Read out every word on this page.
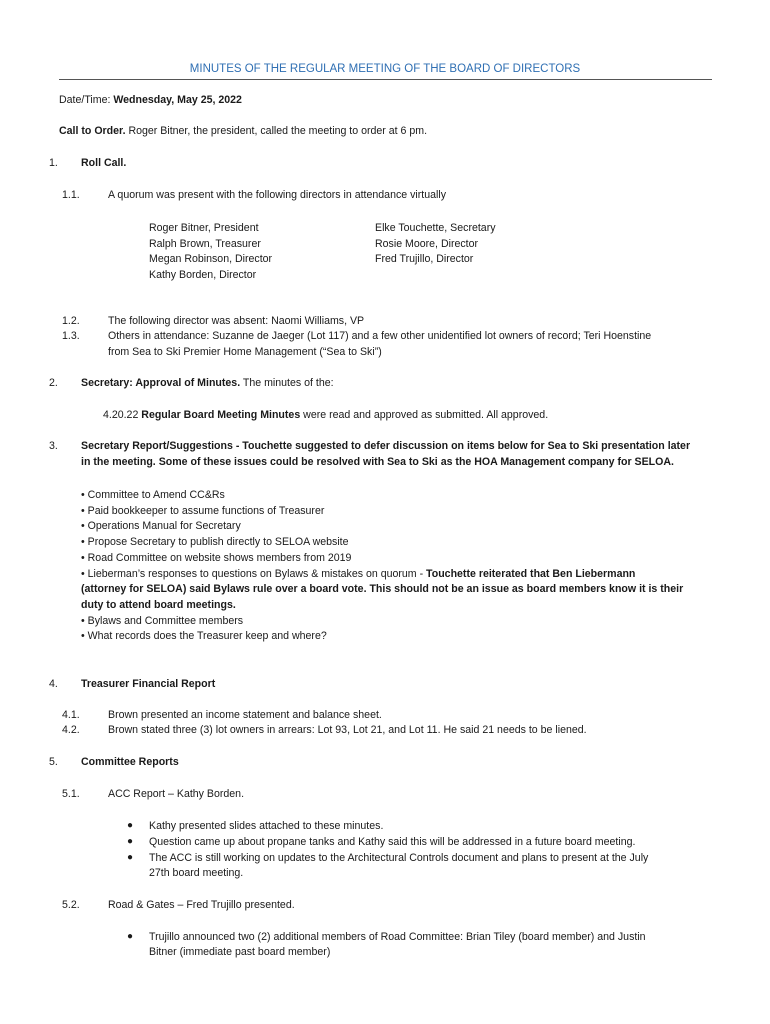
MINUTES OF THE REGULAR MEETING OF THE BOARD OF DIRECTORS
Date/Time: Wednesday, May 25, 2022
Call to Order. Roger Bitner, the president, called the meeting to order at 6 pm.
1. Roll Call.
1.1.	A quorum was present with the following directors in attendance virtually
Roger Bitner, President
Ralph Brown, Treasurer
Megan Robinson, Director
Kathy Borden, Director
Elke Touchette, Secretary
Rosie Moore, Director
Fred Trujillo, Director
1.2.	The following director was absent: Naomi Williams, VP
1.3.	Others in attendance: Suzanne de Jaeger (Lot 117) and a few other unidentified lot owners of record; Teri Hoenstine
from Sea to Ski Premier Home Management (“Sea to Ski”)
2. Secretary: Approval of Minutes. The minutes of the:
4.20.22 Regular Board Meeting Minutes were read and approved as submitted. All approved.
3. Secretary Report/Suggestions - Touchette suggested to defer discussion on items below for Sea to Ski presentation later
in the meeting. Some of these issues could be resolved with Sea to Ski as the HOA Management company for SELOA.
• Committee to Amend CC&Rs
• Paid bookkeeper to assume functions of Treasurer
• Operations Manual for Secretary
• Propose Secretary to publish directly to SELOA website
• Road Committee on website shows members from 2019
• Lieberman’s responses to questions on Bylaws & mistakes on quorum - Touchette reiterated that Ben Liebermann
(attorney for SELOA) said Bylaws rule over a board vote. This should not be an issue as board members know it is their
duty to attend board meetings.
• Bylaws and Committee members
• What records does the Treasurer keep and where?
4. Treasurer Financial Report
4.1.	Brown presented an income statement and balance sheet.
4.2.	Brown stated three (3) lot owners in arrears: Lot 93, Lot 21, and Lot 11. He said 21 needs to be liened.
5. Committee Reports
5.1.	ACC Report – Kathy Borden.
● Kathy presented slides attached to these minutes.
● Question came up about propane tanks and Kathy said this will be addressed in a future board meeting.
● The ACC is still working on updates to the Architectural Controls document and plans to present at the July
27th board meeting.
5.2.	Road & Gates – Fred Trujillo presented.
● Trujillo announced two (2) additional members of Road Committee: Brian Tiley (board member) and Justin
Bitner (immediate past board member)
